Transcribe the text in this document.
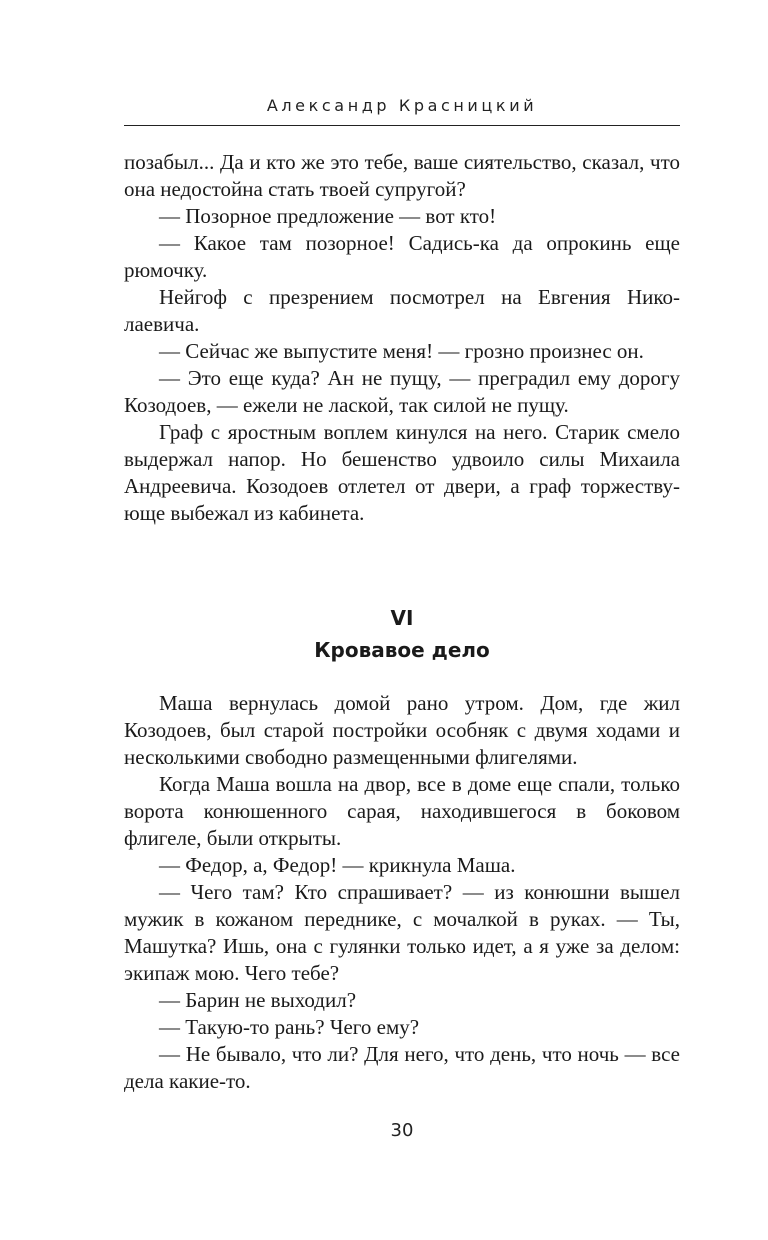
Александр Красницкий

позабыл... Да и кто же это тебе, ваше сиятельство, сказал, что она недостойна стать твоей супругой?

— Позорное предложение — вот кто!

— Какое там позорное! Садись-ка да опрокинь еще рюмочку.

Нейгоф с презрением посмотрел на Евгения Николаевича.

— Сейчас же выпустите меня! — грозно произнес он.

— Это еще куда? Ан не пущу, — преградил ему дорогу Козодоев, — ежели не лаской, так силой не пущу.

Граф с яростным воплем кинулся на него. Старик смело выдержал напор. Но бешенство удвоило силы Михаила Андреевича. Козодоев отлетел от двери, а граф торжествующе выбежал из кабинета.

VI
Кровавое дело

Маша вернулась домой рано утром. Дом, где жил Козодоев, был старой постройки особняк с двумя ходами и несколькими свободно размещенными флигелями.

Когда Маша вошла на двор, все в доме еще спали, только ворота конюшенного сарая, находившегося в боковом флигеле, были открыты.

— Федор, а, Федор! — крикнула Маша.

— Чего там? Кто спрашивает? — из конюшни вышел мужик в кожаном переднике, с мочалкой в руках. — Ты, Машутка? Ишь, она с гулянки только идет, а я уже за делом: экипаж мою. Чего тебе?

— Барин не выходил?

— Такую-то рань? Чего ему?

— Не бывало, что ли? Для него, что день, что ночь — все дела какие-то.

30
